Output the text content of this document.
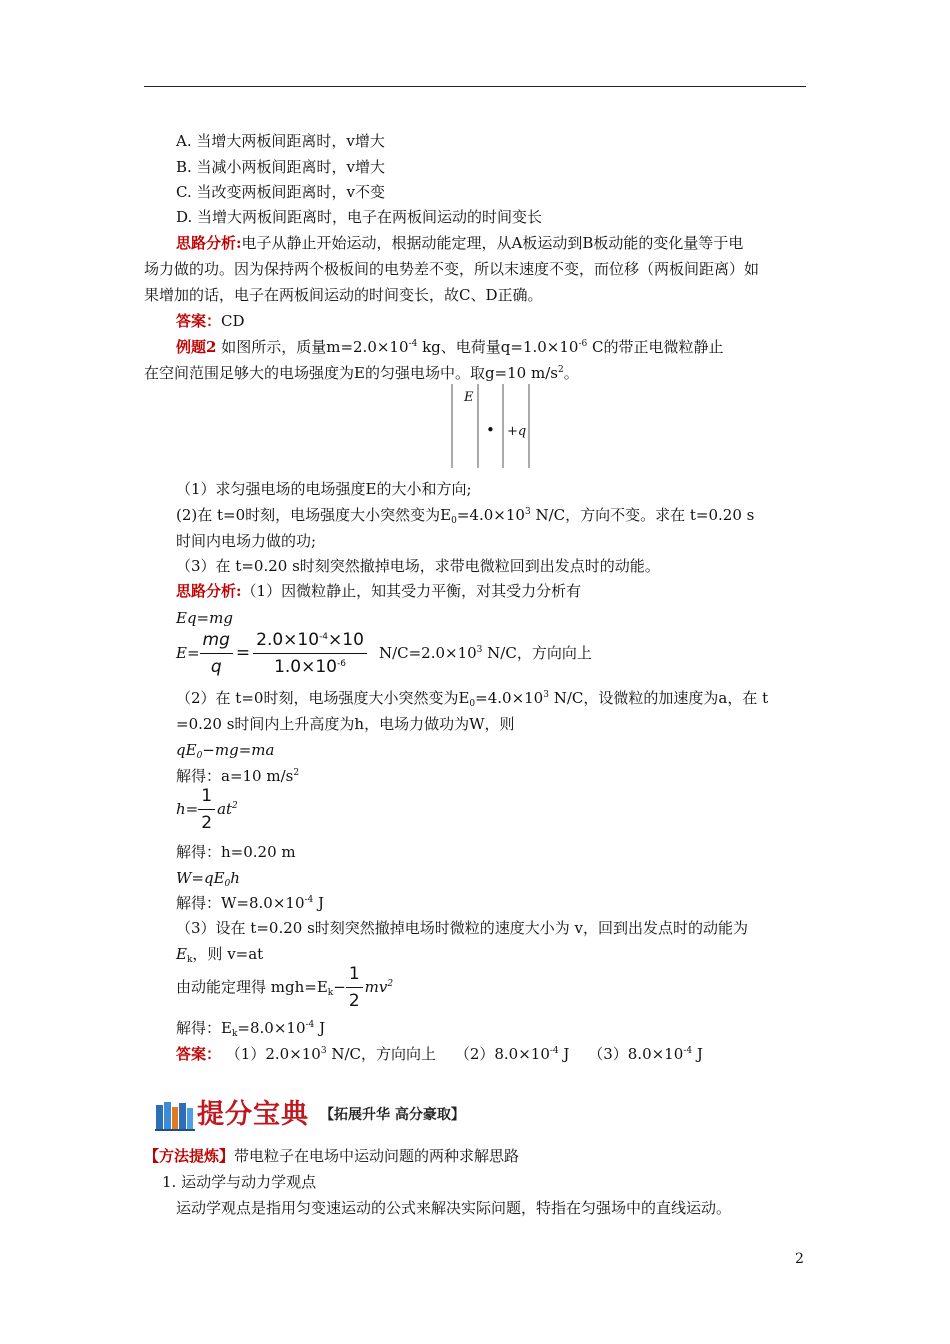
A. 当增大两板间距离时，v增大
B. 当减小两板间距离时，v增大
C. 当改变两板间距离时，v不变
D. 当增大两板间距离时，电子在两板间运动的时间变长
思路分析:电子从静止开始运动，根据动能定理，从A板运动到B板动能的变化量等于电
场力做的功。因为保持两个极板间的电势差不变，所以末速度不变，而位移（两板间距离）如
果增加的话，电子在两板间运动的时间变长，故C、D正确。
答案：CD
例题2 如图所示，质量$m=2.0\times 10^{-4}$ kg、电荷量$q=1.0\times 10^{-6}$ C的带正电微粒静止
在空间范围足够大的电场强度为E的匀强电场中。取g=10 $m/s^2$。
E
• +q
（1）求匀强电场的电场强度E的大小和方向;
(2)在 t=0时刻，电场强度大小突然变为$E_0=4.0\times 10^3$ N/C，方向不变。求在 t=0.20 s
时间内电场力做的功;
（3）在 t=0.20 s时刻突然撤掉电场，求带电微粒回到出发点时的动能。
思路分析:（1）因微粒静止，知其受力平衡，对其受力分析有
Eq=mg
$E= \frac{mg}{q} = \frac{2.0\times 10^{-4}\times 10}{1.0\times 10^{-6}} N/C=2.0\times 10^3$ N/C，方向向上
（2）在 t=0时刻，电场强度大小突然变为$E_0=4.0\times 10^3$ N/C，设微粒的加速度为a，在 t
=0.20 s时间内上升高度为h，电场力做功为W，则
$qE_0-mg=ma$
解得：a=10 $m/s^2$
$h= \frac{1}{2} at^2$
解得：h=0.20 m
$W=qE_0h$
解得：$W=8.0\times 10^{-4}$ J
（3）设在 t=0.20 s时刻突然撤掉电场时微粒的速度大小为 v，回到出发点时的动能为
$E_k$，则 v=at
由动能定理得 $mgh=E_k- \frac{1}{2} mv^2$
解得：$E_k=8.0\times 10^{-4}$ J
答案： $(1)2.0\times 10^3$ N/C，方向向上 $(2)8.0\times 10^{-4}$ J $(3)8.0\times 10^{-4}$ J
提分宝典 【拓展升华 高分豪取】
【方法提炼】带电粒子在电场中运动问题的两种求解思路
1. 运动学与动力学观点
运动学观点是指用匀变速运动的公式来解决实际问题，特指在匀强场中的直线运动。
2
